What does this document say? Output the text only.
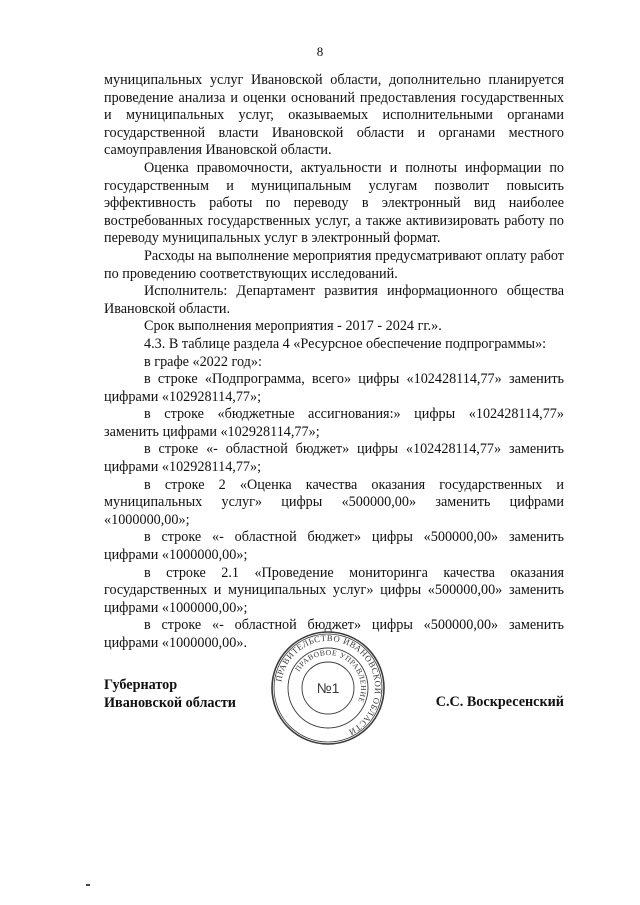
8

муниципальных услуг Ивановской области, дополнительно планируется проведение анализа и оценки оснований предоставления государственных и муниципальных услуг, оказываемых исполнительными органами государственной власти Ивановской области и органами местного самоуправления Ивановской области.

Оценка правомочности, актуальности и полноты информации по государственным и муниципальным услугам позволит повысить эффективность работы по переводу в электронный вид наиболее востребованных государственных услуг, а также активизировать работу по переводу муниципальных услуг в электронный формат.

Расходы на выполнение мероприятия предусматривают оплату работ по проведению соответствующих исследований.

Исполнитель: Департамент развития информационного общества Ивановской области.

Срок выполнения мероприятия - 2017 - 2024 гг.».

4.3. В таблице раздела 4 «Ресурсное обеспечение подпрограммы»:

в графе «2022 год»:

в строке «Подпрограмма, всего» цифры «102428114,77» заменить цифрами «102928114,77»;

в строке «бюджетные ассигнования:» цифры «102428114,77» заменить цифрами «102928114,77»;

в строке «- областной бюджет» цифры «102428114,77» заменить цифрами «102928114,77»;

в строке 2 «Оценка качества оказания государственных и муниципальных услуг» цифры «500000,00» заменить цифрами «1000000,00»;

в строке «- областной бюджет» цифры «500000,00» заменить цифрами «1000000,00»;

в строке 2.1 «Проведение мониторинга качества оказания государственных и муниципальных услуг» цифры «500000,00» заменить цифрами «1000000,00»;

в строке «- областной бюджет» цифры «500000,00» заменить цифрами «1000000,00».

Губернатор
Ивановской области	С.С. Воскресенский
ПРАВИТЕЛЬСТВО ИВАНОВСКОЙ ОБЛАСТИ
ПРАВОВОЕ УПРАВЛЕНИЕ
№1
